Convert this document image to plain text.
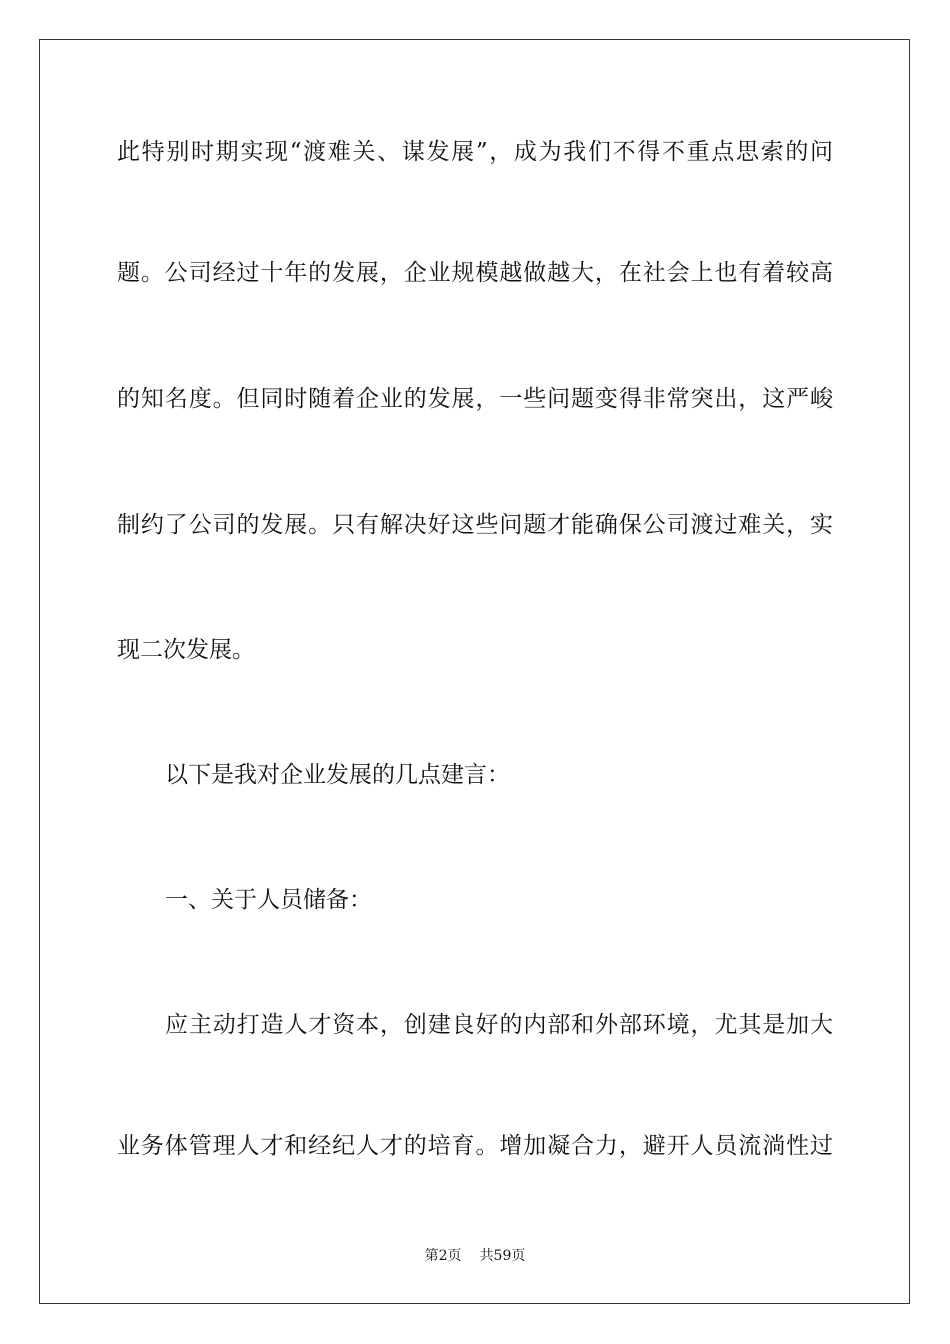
此特别时期实现“渡难关、谋发展”，成为我们不得不重点思索的问
题。公司经过十年的发展，企业规模越做越大，在社会上也有着较高
的知名度。但同时随着企业的发展，一些问题变得非常突出，这严峻
制约了公司的发展。只有解决好这些问题才能确保公司渡过难关，实
现二次发展。
以下是我对企业发展的几点建言：
一、关于人员储备：
应主动打造人才资本，创建良好的内部和外部环境，尤其是加大
业务体管理人才和经纪人才的培育。增加凝合力，避开人员流淌性过
第2页 共59页
